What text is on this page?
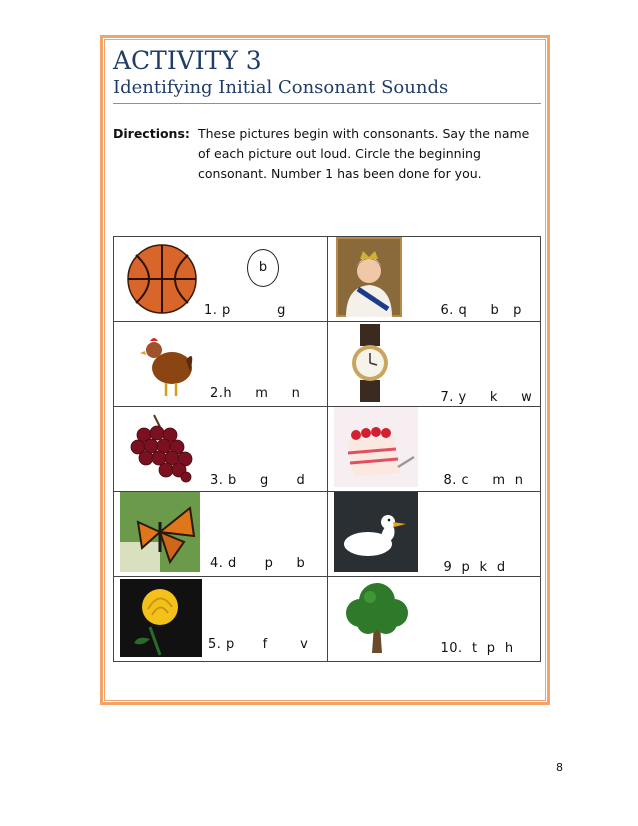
ACTIVITY 3
Identifying Initial Consonant Sounds
Directions: These pictures begin with consonants. Say the name of each picture out loud. Circle the beginning consonant. Number 1 has been done for you.
b
1. p          g	6. q     b   p

2.h     m     n	7. y     k     w

3. b     g      d	8. c     m  n

4. d      p     b	9  p  k  d

5. p      f       v	10.  t  p  h
8
